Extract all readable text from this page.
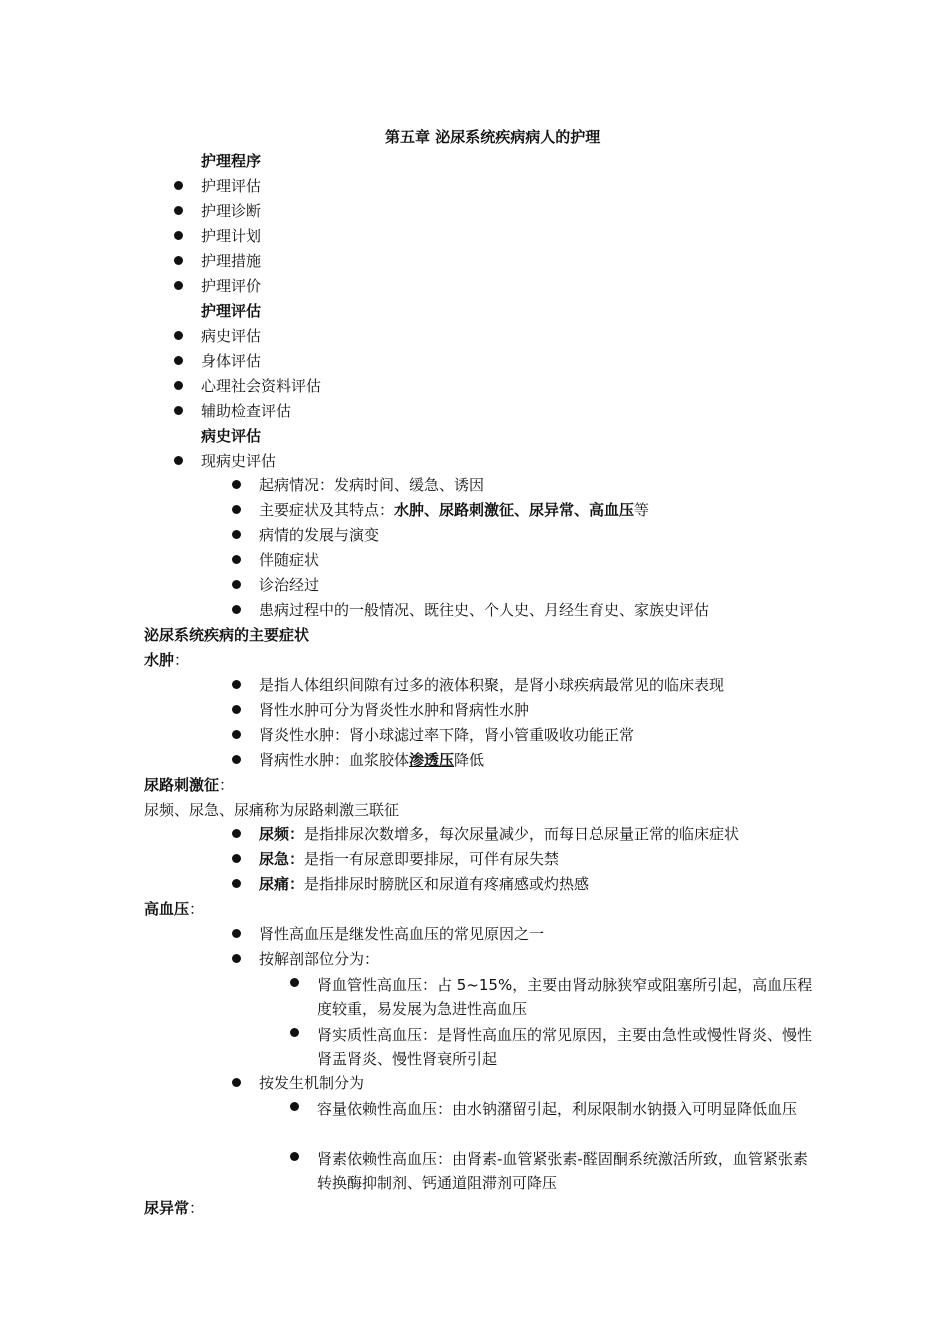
第五章 泌尿系统疾病病人的护理
护理程序
护理评估
护理诊断
护理计划
护理措施
护理评价
护理评估
病史评估
身体评估
心理社会资料评估
辅助检查评估
病史评估
现病史评估
起病情况：发病时间、缓急、诱因
主要症状及其特点：水肿、尿路刺激征、尿异常、高血压等
病情的发展与演变
伴随症状
诊治经过
患病过程中的一般情况、既往史、个人史、月经生育史、家族史评估
泌尿系统疾病的主要症状
水肿：
是指人体组织间隙有过多的液体积聚，是肾小球疾病最常见的临床表现
肾性水肿可分为肾炎性水肿和肾病性水肿
肾炎性水肿：肾小球滤过率下降，肾小管重吸收功能正常
肾病性水肿：血浆胶体渗透压降低
尿路刺激征：
尿频、尿急、尿痛称为尿路刺激三联征
尿频：是指排尿次数增多，每次尿量减少，而每日总尿量正常的临床症状
尿急：是指一有尿意即要排尿，可伴有尿失禁
尿痛：是指排尿时膀胱区和尿道有疼痛感或灼热感
高血压：
肾性高血压是继发性高血压的常见原因之一
按解剖部位分为：
肾血管性高血压：占 5~15%，主要由肾动脉狭窄或阻塞所引起，高血压程度较重，易发展为急进性高血压
肾实质性高血压：是肾性高血压的常见原因，主要由急性或慢性肾炎、慢性肾盂肾炎、慢性肾衰所引起
按发生机制分为
容量依赖性高血压：由水钠潴留引起，利尿限制水钠摄入可明显降低血压
肾素依赖性高血压：由肾素-血管紧张素-醛固酮系统激活所致，血管紧张素转换酶抑制剂、钙通道阻滞剂可降压
尿异常：
